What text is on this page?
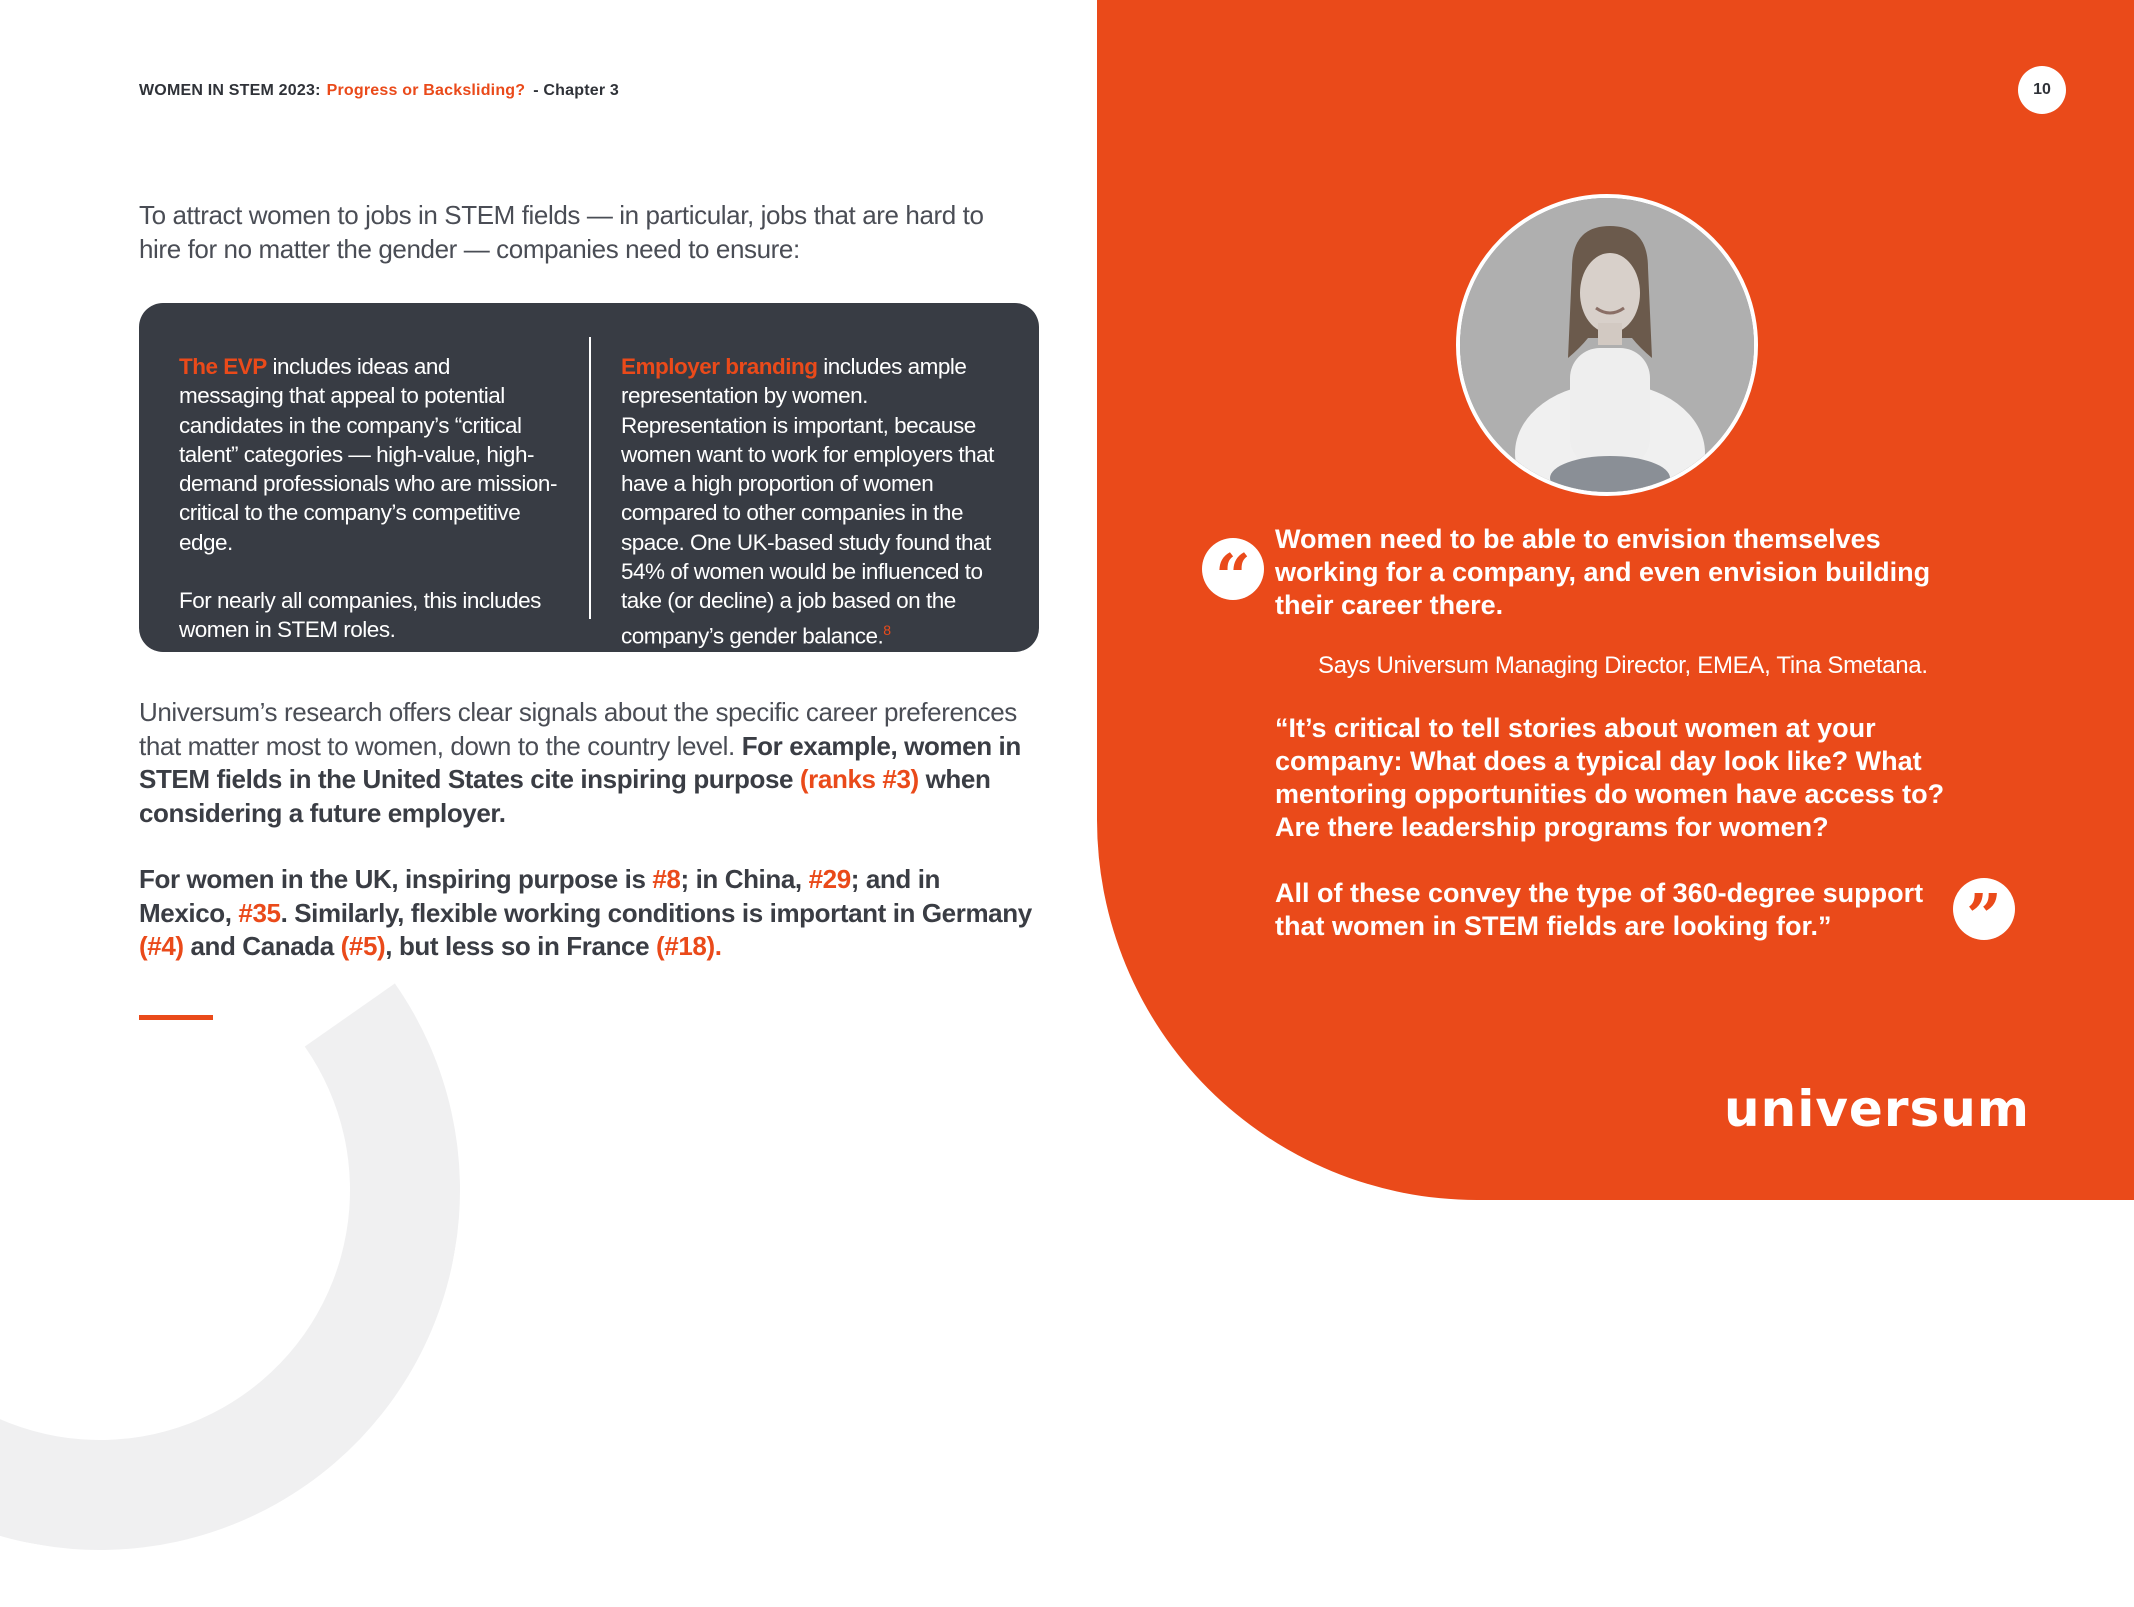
WOMEN IN STEM 2023: Progress or Backsliding? - Chapter 3	10
To attract women to jobs in STEM fields — in particular, jobs that are hard to hire for no matter the gender — companies need to ensure:

The EVP includes ideas and messaging that appeal to potential candidates in the company’s “critical talent” categories — high-value, high-demand professionals who are mission-critical to the company’s competitive edge.

For nearly all companies, this includes women in STEM roles.

Employer branding includes ample representation by women. Representation is important, because women want to work for employers that have a high proportion of women compared to other companies in the space. One UK-based study found that 54% of women would be influenced to take (or decline) a job based on the company’s gender balance.$^8$

Universum’s research offers clear signals about the specific career preferences that matter most to women, down to the country level. For example, women in STEM fields in the United States cite inspiring purpose (ranks #3) when considering a future employer.

For women in the UK, inspiring purpose is #8; in China, #29; and in Mexico, #35. Similarly, flexible working conditions is important in Germany (#4) and Canada (#5), but less so in France (#18).

“
Women need to be able to envision themselves working for a company, and even envision building their career there.
Says Universum Managing Director, EMEA, Tina Smetana.

“It’s critical to tell stories about women at your company: What does a typical day look like? What mentoring opportunities do women have access to? Are there leadership programs for women?

All of these convey the type of 360-degree support that women in STEM fields are looking for.”	”
universum
